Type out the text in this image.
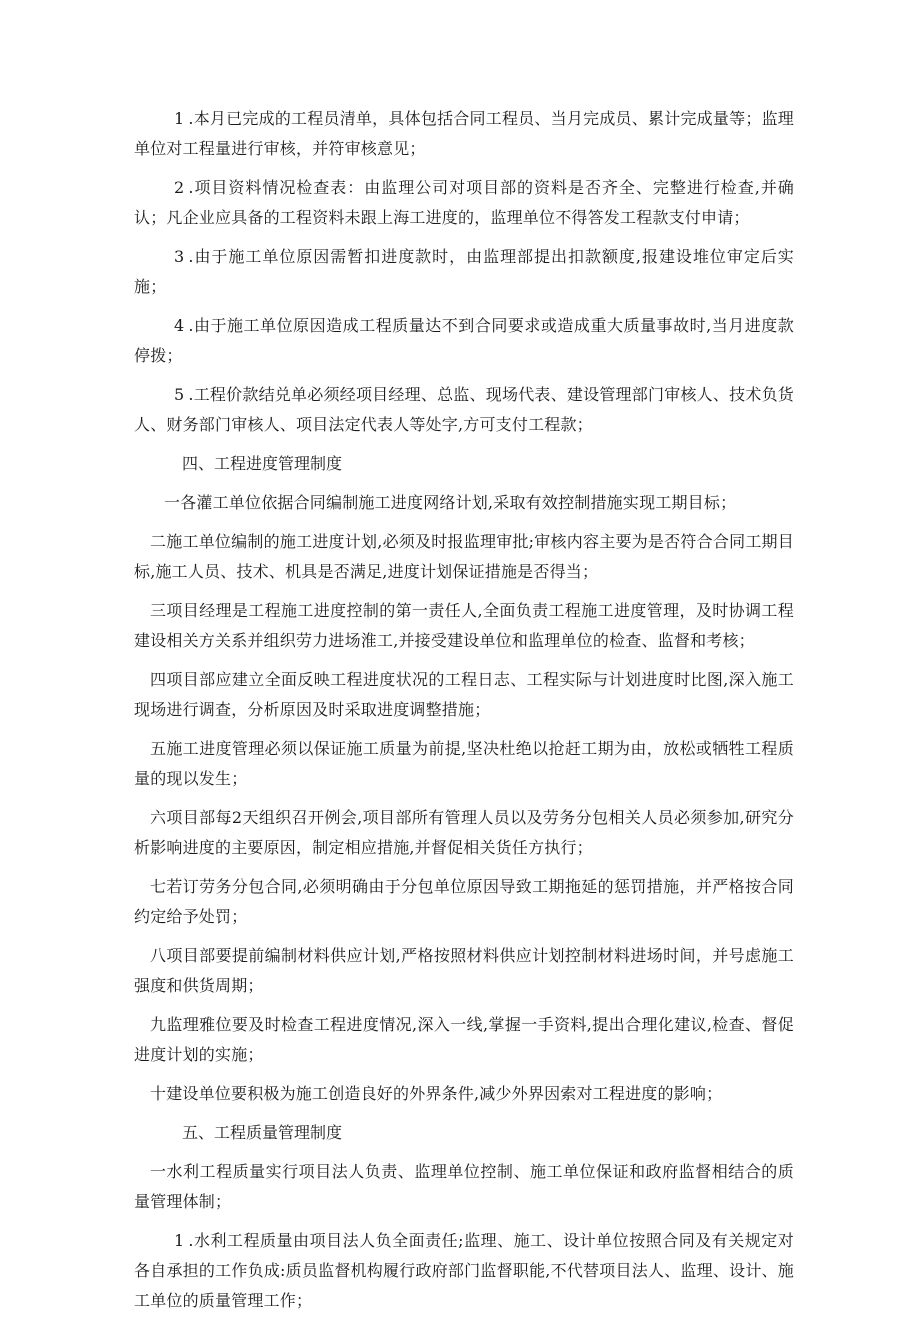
1 .本月已完成的工程员清单，具体包括合同工程员、当月完成员、累计完成量等；监理单位对工程量进行审核，并符审核意见；

2 .项目资料情况检查表：由监理公司对项目部的资料是否齐全、完整进行检查,并确认；凡企业应具备的工程资料未跟上海工进度的，监理单位不得答发工程款支付申请；

3 .由于施工单位原因需暂扣进度款时，由监理部提出扣款额度,报建设堆位审定后实施；

4 .由于施工单位原因造成工程质量达不到合同要求或造成重大质量事故时,当月进度款停拨；

5 .工程价款结兑单必须经项目经理、总监、现场代表、建设管理部门审核人、技术负货人、财务部门审核人、项目法定代表人等处字,方可支付工程款；

四、工程进度管理制度

一各灌工单位依据合同编制施工进度网络计划,采取有效控制措施实现工期目标；

二施工单位编制的施工进度计划,必须及时报监理审批;审核内容主要为是否符合合同工期目标,施工人员、技术、机具是否满足,进度计划保证措施是否得当；

三项目经理是工程施工进度控制的第一责任人,全面负责工程施工进度管理，及时协调工程建设相关方关系并组织劳力进场淮工,并接受建设单位和监理单位的检查、监督和考核；

四项目部应建立全面反映工程进度状况的工程日志、工程实际与计划进度时比图,深入施工现场进行调查，分析原因及时采取进度调整措施；

五施工进度管理必须以保证施工质量为前提,坚决杜绝以抢赶工期为由，放松或牺牲工程质量的现以发生；

六项目部每2天组织召开例会,项目部所有管理人员以及劳务分包相关人员必须参加,研究分析影响进度的主要原因，制定相应措施,并督促相关货任方执行；

七若订劳务分包合同,必须明确由于分包单位原因导致工期拖延的惩罚措施，并严格按合同约定给予处罚；

八项目部要提前编制材料供应计划,严格按照材料供应计划控制材料进场时间，并号虑施工强度和供货周期；

九监理雅位要及时检查工程进度情况,深入一线,掌握一手资料,提出合理化建议,检查、督促进度计划的实施；

十建设单位要积极为施工创造良好的外界条件,减少外界因索对工程进度的影响；

五、工程质量管理制度

一水利工程质量实行项目法人负责、监理单位控制、施工单位保证和政府监督相结合的质量管理体制；

1 .水利工程质量由项目法人负全面责任;监理、施工、设计单位按照合同及有关规定对各自承担的工作负成:质员监督机构履行政府部门监督职能,不代替项目法人、监理、设计、施工单位的质量管理工作；
